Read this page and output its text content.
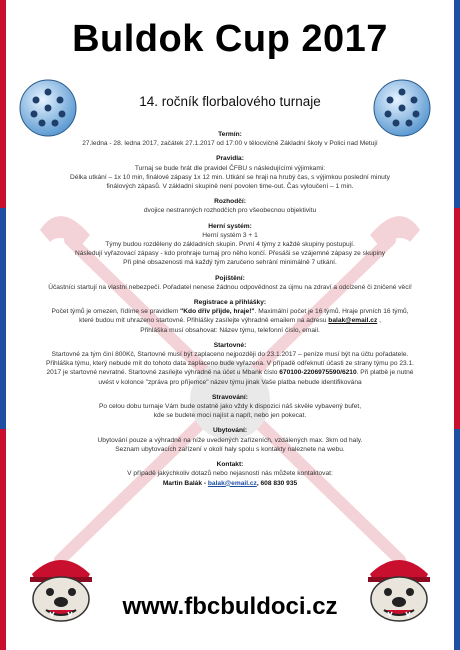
Buldok Cup 2017
14. ročník florbalového turnaje
Termín:
27.ledna - 28. ledna 2017, začátek 27.1.2017 od 17:00 v tělocvičně Základní školy v Polici nad Metují
Pravidla:
Turnaj se bude hrát dle pravidel ČFBU s následujícími výjimkami:
Délka utkání – 1x 10 min, finálové zápasy 1x 12 min. Utkání se hraji na hrubý čas, s výjimkou poslední minuty
finálových zápasů. V základní skupině není povolen time-out. Čas vyloučení – 1 min.
Rozhodčí:
dvojice nestranných rozhodčích pro všeobecnou objektivitu
Herní systém:
Herní systém 3 + 1
Týmy budou rozděleny do základních skupin. První 4 týmy z každé skupiny postupují.
Následují vyřazovací zápasy - kdo prohraje turnaj pro něho končí. Přesáši se vzájemné zápasy ze skupiny
Při plné obsazenosti má každý tým zaručeno sehrání minimálně 7 utkání.
Pojištění:
Účastníci startují na vlastní nebezpečí. Pořadatel nenese žádnou odpovědnost za újmu na zdraví a odcizené či zničené věci!
Registrace a přihlášky:
Počet týmů je omezen, řídíme se pravidlem "Kdo dřív přijde, hraje!". Maximální počet je 16 týmů. Hraje prvních 16 týmů,
které budou mít uhrazeno startovné. Přihlášky zasílejte výhradně emailem na adresu balak@email.cz ,
Přihláška musí obsahovat: Název týmu, telefonní číslo, email.
Startovné:
Startovné za tým činí 800Kč, Startovné musí být zaplaceno nejpozději do 23.1.2017 – peníze musí být na účtu pořadatele.
Přihláška týmu, který nebude mít do tohoto data zaplaceno bude vyřazena. V případě odřeknutí účasti ze strany týmu po 23.1.
2017 je startovné nevratné. Startovné zasílejte výhradně na účet u Mbank číslo 670100-2206975590/6210. Při platbě je nutné
uvést v kolonce "zpráva pro příjemce" název týmu jinak Vaše platba nebude identifikována
Stravování:
Po celou dobu turnaje Vám bude ostatně jako vždy k dispozici náš skvěle vybavený bufet,
kde se budete moci najíst a napít, nebo jen pokecat.
Ubytování:
Ubytování pouze a výhradně na níže uvedených zařízeních, vzdálených max. 3km od haly.
Seznam ubytovacích zařízení v okolí haly spolu s kontakty naleznete na webu.
Kontakt:
V případě jakýchkoliv dotazů nebo nejasností nás můžete kontaktovat:
Martin Balák - balak@email.cz, 608 830 935
www.fbcbuldoci.cz
